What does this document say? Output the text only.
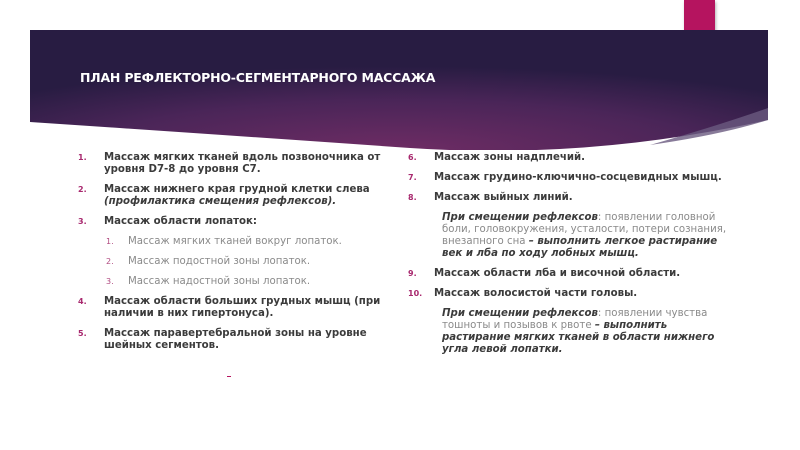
ПЛАН РЕФЛЕКТОРНО-СЕГМЕНТАРНОГО МАССАЖА
1.	Массаж мягких тканей вдоль позвоночника от уровня D7-8 до уровня C7.
2.	Массаж нижнего края грудной клетки слева (профилактика смещения рефлексов).
3.	Массаж области лопаток:
1.	Массаж мягких тканей вокруг лопаток.
2.	Массаж подостной зоны лопаток.
3.	Массаж надостной зоны лопаток.
4.	Массаж области больших грудных мышц (при наличии в них гипертонуса).
5.	Массаж паравертебральной зоны на уровне шейных сегментов.
6.	Массаж зоны надплечий.
7.	Массаж грудино-ключично-сосцевидных мышц.
8.	Массаж выйных линий.
При смещении рефлексов: появлении головной боли, головокружения, усталости, потери сознания, внезапного сна – выполнить легкое растирание век и лба по ходу лобных мышц.
9.	Массаж области лба и височной области.
10.	Массаж волосистой части головы.
При смещении рефлексов: появлении чувства тошноты и позывов к рвоте – выполнить растирание мягких тканей в области нижнего угла левой лопатки.
